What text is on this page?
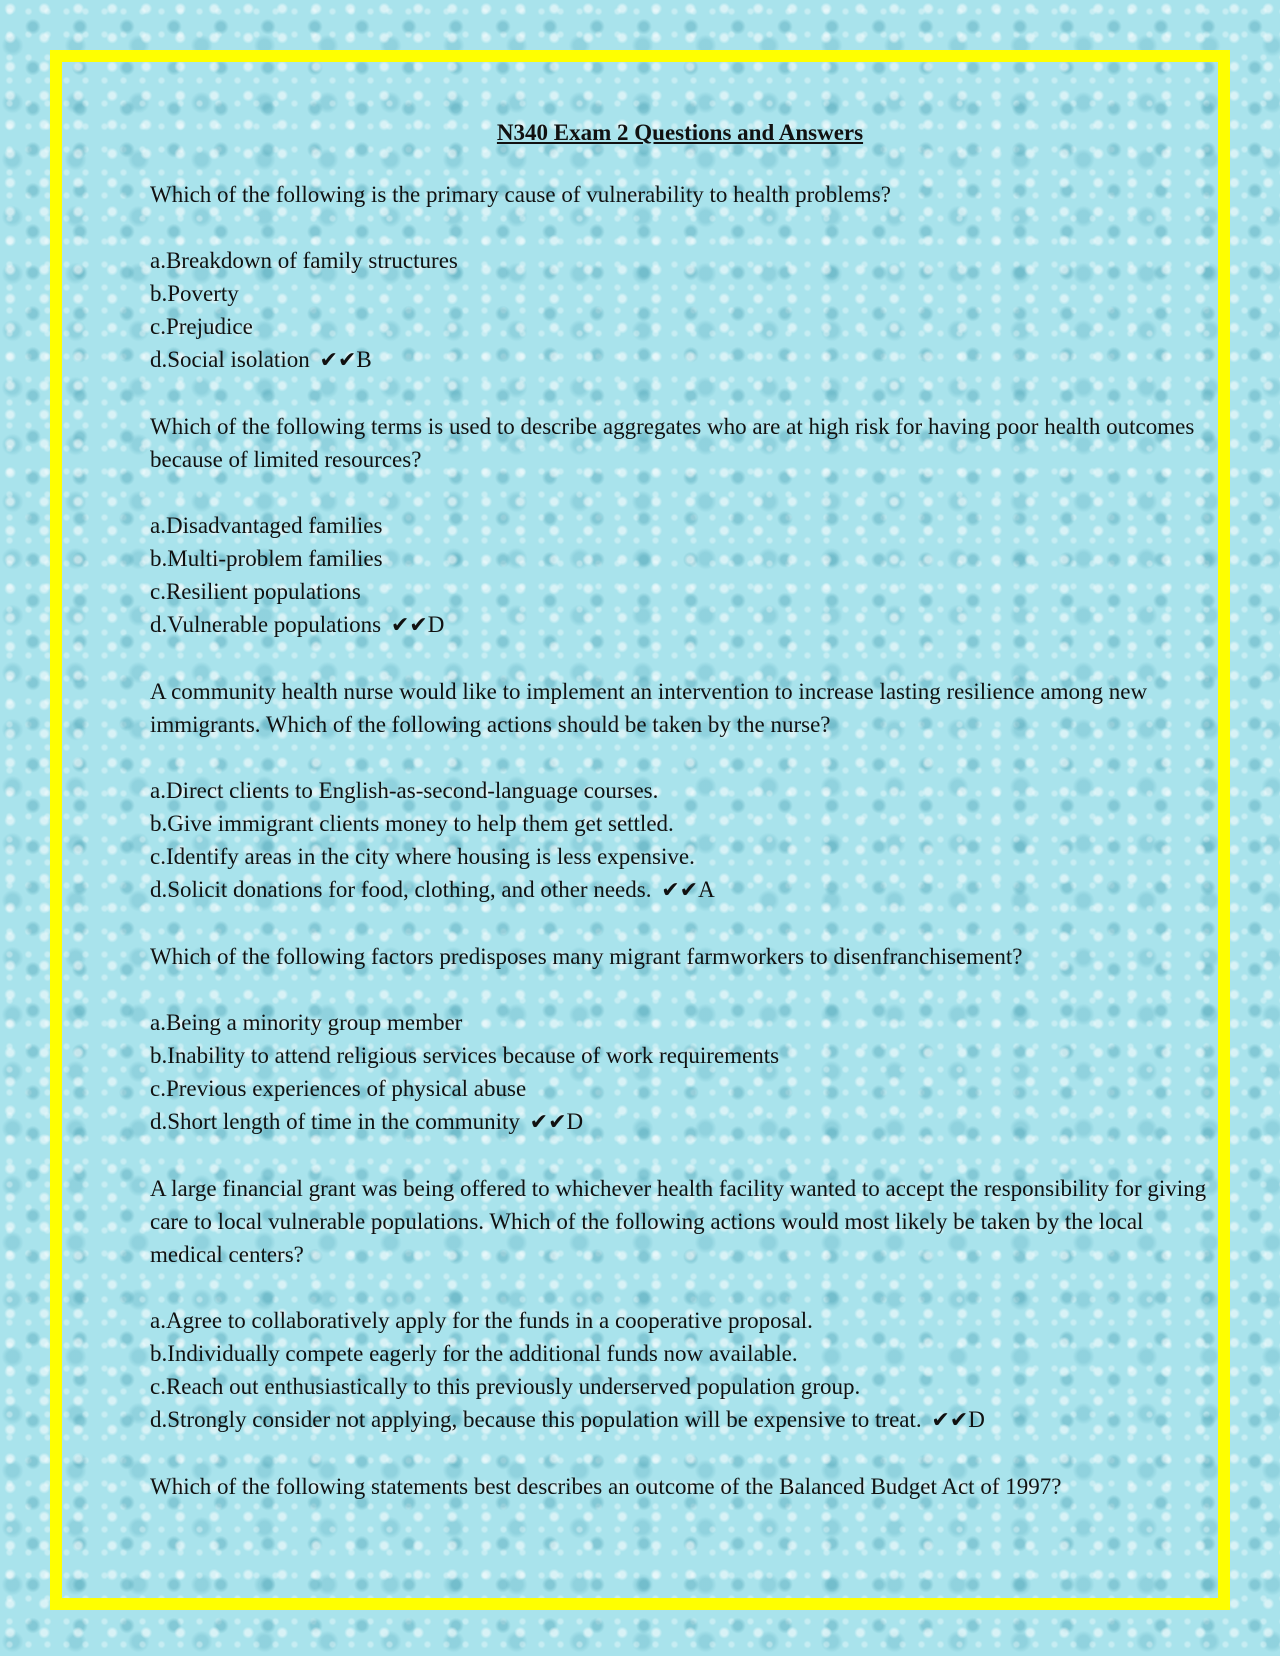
N340 Exam 2 Questions and Answers
Which of the following is the primary cause of vulnerability to health problems?
a.Breakdown of family structures
b.Poverty
c.Prejudice
d.Social isolation ✔✔B
Which of the following terms is used to describe aggregates who are at high risk for having poor health outcomes because of limited resources?
a.Disadvantaged families
b.Multi-problem families
c.Resilient populations
d.Vulnerable populations ✔✔D
A community health nurse would like to implement an intervention to increase lasting resilience among new immigrants. Which of the following actions should be taken by the nurse?
a.Direct clients to English-as-second-language courses.
b.Give immigrant clients money to help them get settled.
c.Identify areas in the city where housing is less expensive.
d.Solicit donations for food, clothing, and other needs. ✔✔A
Which of the following factors predisposes many migrant farmworkers to disenfranchisement?
a.Being a minority group member
b.Inability to attend religious services because of work requirements
c.Previous experiences of physical abuse
d.Short length of time in the community ✔✔D
A large financial grant was being offered to whichever health facility wanted to accept the responsibility for giving care to local vulnerable populations. Which of the following actions would most likely be taken by the local medical centers?
a.Agree to collaboratively apply for the funds in a cooperative proposal.
b.Individually compete eagerly for the additional funds now available.
c.Reach out enthusiastically to this previously underserved population group.
d.Strongly consider not applying, because this population will be expensive to treat. ✔✔D
Which of the following statements best describes an outcome of the Balanced Budget Act of 1997?
